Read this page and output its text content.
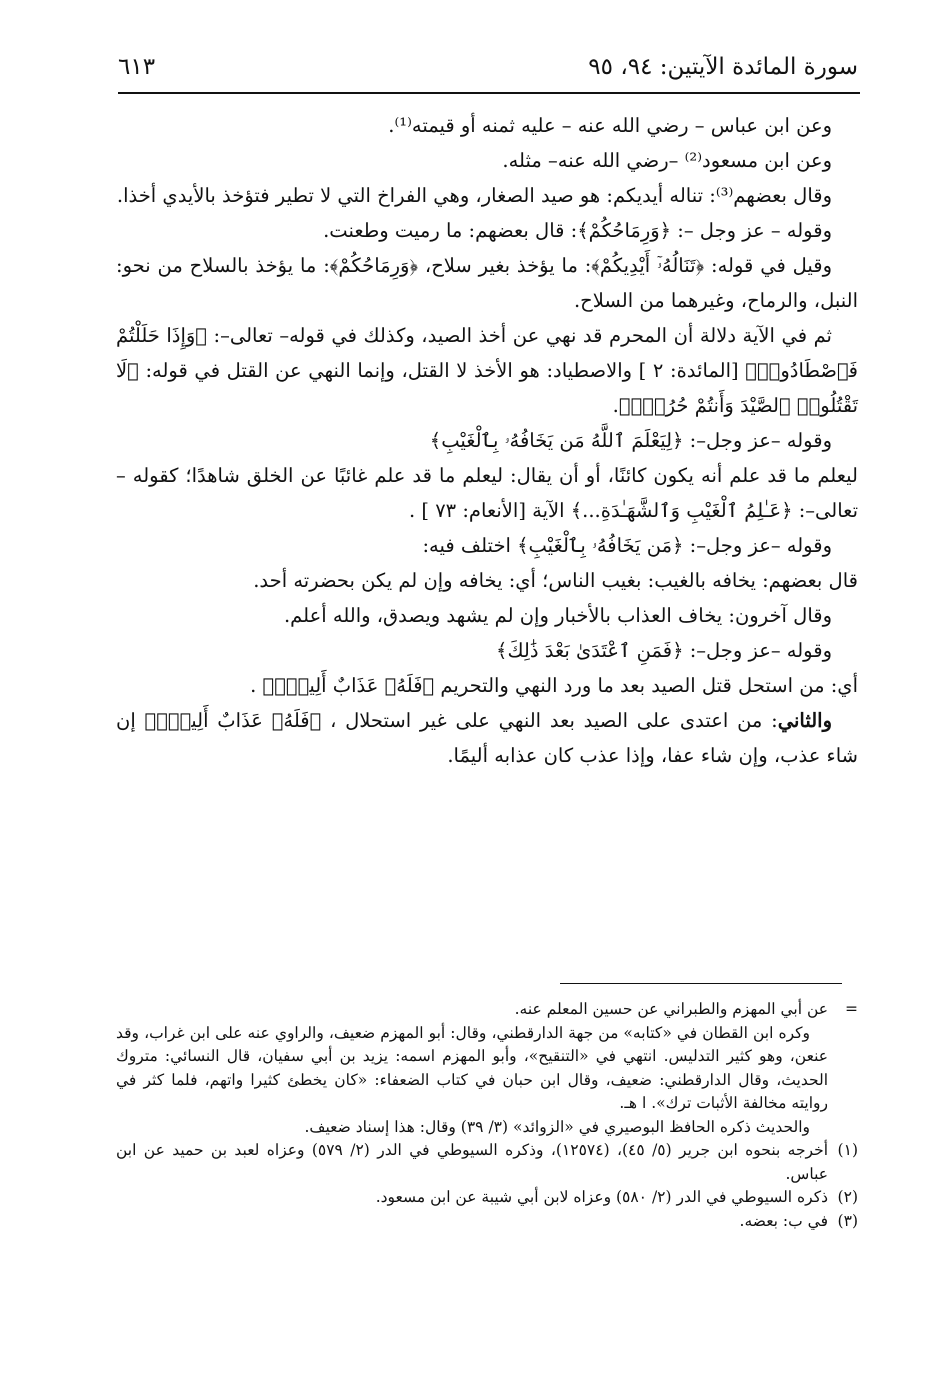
سورة المائدة الآيتين: ٩٤، ٩٥
٦١٣

وعن ابن عباس – رضي الله عنه – عليه ثمنه أو قيمته⁽¹⁾.

وعن ابن مسعود⁽²⁾ –رضي الله عنه– مثله.

وقال بعضهم⁽³⁾: تناله أيديكم: هو صيد الصغار، وهي الفراخ التي لا تطير فتؤخذ بالأيدي أخذا.

وقوله – عز وجل –: ﴿وَرِمَاحُكُمْ﴾: قال بعضهم: ما رميت وطعنت.

وقيل في قوله: ﴿تَنَالُهُۥٓ أَيْدِيكُمْ﴾: ما يؤخذ بغير سلاح، ﴿وَرِمَاحُكُمْ﴾: ما يؤخذ بالسلاح من نحو: النبل، والرماح، وغيرهما من السلاح.

ثم في الآية دلالة أن المحرم قد نهي عن أخذ الصيد، وكذلك في قوله– تعالى–: ﴿وَإِذَا حَلَلْتُمْ فَٱصْطَادُوا۟﴾ [المائدة: ٢ ] والاصطياد: هو الأخذ لا القتل، وإنما النهي عن القتل في قوله: ﴿لَا تَقْتُلُوا۟ ٱلصَّيْدَ وَأَنتُمْ حُرُمٌۭ﴾.

وقوله –عز وجل–: ﴿لِيَعْلَمَ ٱللَّهُ مَن يَخَافُهُۥ بِٱلْغَيْبِ﴾

ليعلم ما قد علم أنه يكون كائنًا، أو أن يقال: ليعلم ما قد علم غائبًا عن الخلق شاهدًا؛ كقوله –تعالى–: ﴿عَـٰلِمُ ٱلْغَيْبِ وَٱلشَّهَـٰدَةِ...﴾ الآية [الأنعام: ٧٣ ] .

وقوله –عز وجل–: ﴿مَن يَخَافُهُۥ بِٱلْغَيْبِ﴾ اختلف فيه:

قال بعضهم: يخافه بالغيب: بغيب الناس؛ أي: يخافه وإن لم يكن بحضرته أحد.

وقال آخرون: يخاف العذاب بالأخبار وإن لم يشهد ويصدق، والله أعلم.

وقوله –عز وجل–: ﴿فَمَنِ ٱعْتَدَىٰ بَعْدَ ذَٰلِكَ﴾

أي: من استحل قتل الصيد بعد ما ورد النهي والتحريم ﴿فَلَهُۥ عَذَابٌ أَلِيمٌۭ﴾ .

والثاني: من اعتدى على الصيد بعد النهي على غير استحلال ، ﴿فَلَهُۥ عَذَابٌ أَلِيمٌۭ﴾ إن شاء عذب، وإن شاء عفا، وإذا عذب كان عذابه أليمًا.

=

عن أبي المهزم والطبراني عن حسين المعلم عنه.

وكره ابن القطان في «كتابه» من جهة الدارقطني، وقال: أبو المهزم ضعيف، والراوي عنه على ابن غراب، وقد عنعن، وهو كثير التدليس. انتهي في «التنقيح»، وأبو المهزم اسمه: يزيد بن أبي سفيان، قال النسائي: متروك الحديث، وقال الدارقطني: ضعيف، وقال ابن حبان في كتاب الضعفاء: «كان يخطئ كثيرا واتهم، فلما كثر في روايته مخالفة الأثبات ترك». ا هـ.

والحديث ذكره الحافظ البوصيري في «الزوائد» (٣/ ٣٩) وقال: هذا إسناد ضعيف.

(١)

أخرجه بنحوه ابن جرير (٥/ ٤٥)، (١٢٥٧٤)، وذكره السيوطي في الدر (٢/ ٥٧٩) وعزاه لعبد بن حميد عن ابن عباس.

(٢)

ذكره السيوطي في الدر (٢/ ٥٨٠) وعزاه لابن أبي شيبة عن ابن مسعود.

(٣)

في ب: بعضه.
